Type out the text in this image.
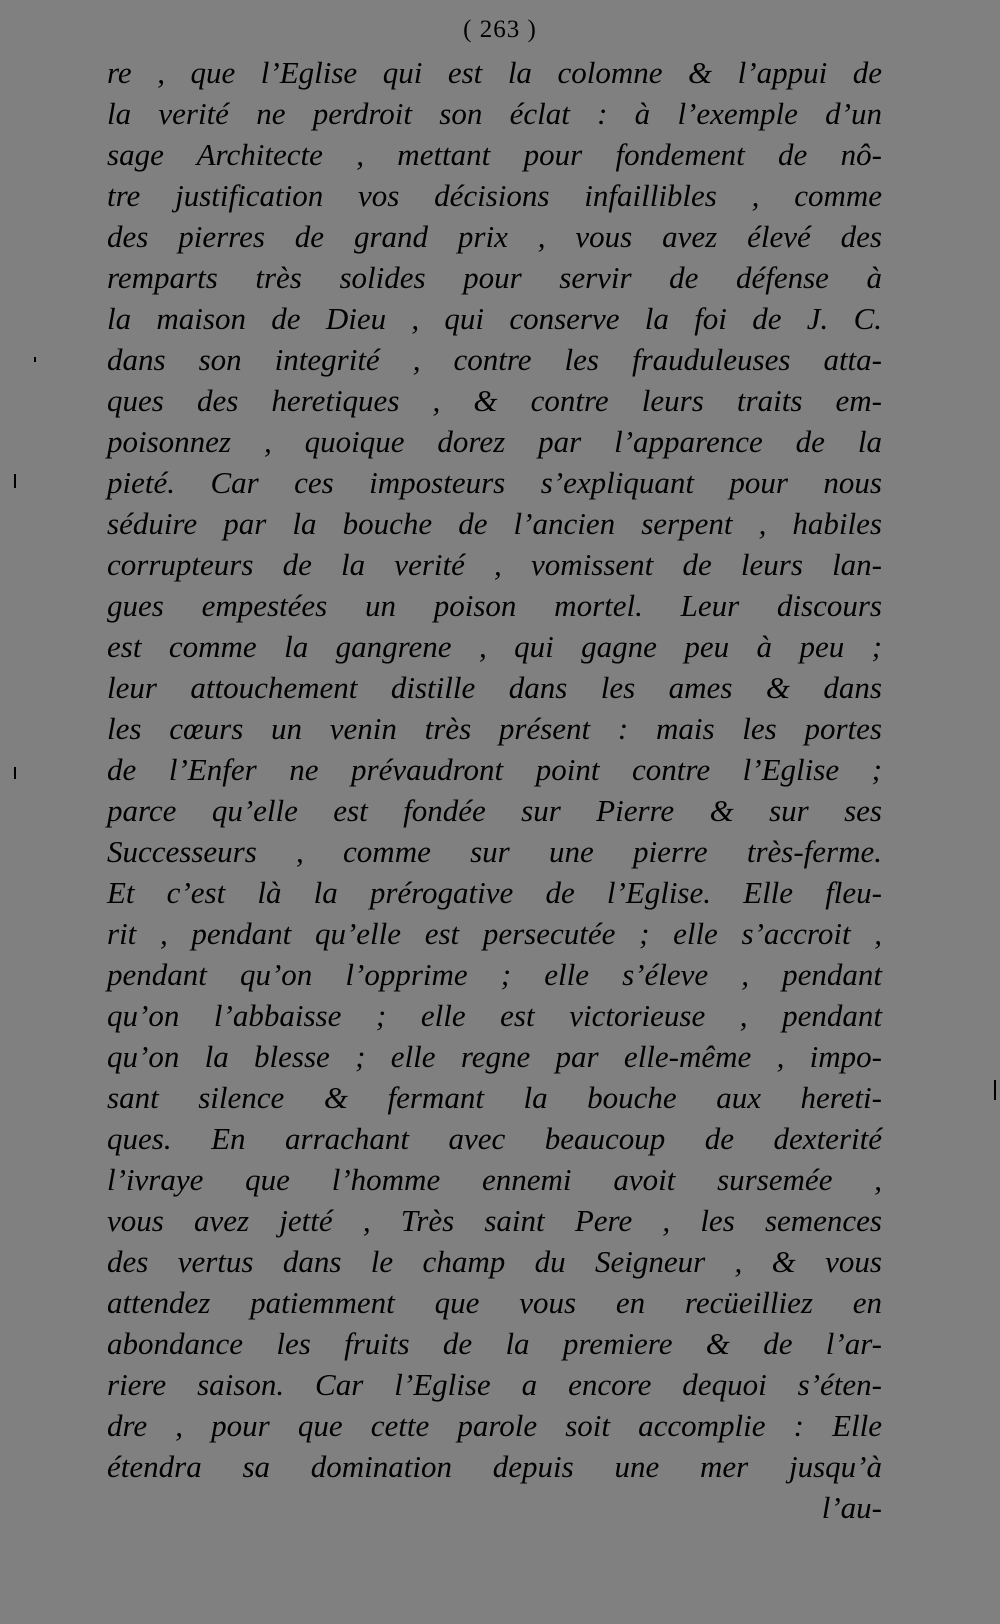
( 263 )
re , que l’Eglise qui est la colomne & l’appui de
la verité ne perdroit son éclat : à l’exemple d’un
sage Architecte , mettant pour fondement de nô-
tre justification vos décisions infaillibles , comme
des pierres de grand prix , vous avez élevé des
remparts très solides pour servir de défense à
la maison de Dieu , qui conserve la foi de J. C.
dans son integrité , contre les frauduleuses atta-
ques des heretiques , & contre leurs traits em-
poisonnez , quoique dorez par l’apparence de la
pieté. Car ces imposteurs s’expliquant pour nous
séduire par la bouche de l’ancien serpent , habiles
corrupteurs de la verité , vomissent de leurs lan-
gues empestées un poison mortel. Leur discours
est comme la gangrene , qui gagne peu à peu ;
leur attouchement distille dans les ames & dans
les cœurs un venin très présent : mais les portes
de l’Enfer ne prévaudront point contre l’Eglise ;
parce qu’elle est fondée sur Pierre & sur ses
Successeurs , comme sur une pierre très-ferme.
Et c’est là la prérogative de l’Eglise. Elle fleu-
rit , pendant qu’elle est persecutée ; elle s’accroit ,
pendant qu’on l’opprime ; elle s’éleve , pendant
qu’on l’abbaisse ; elle est victorieuse , pendant
qu’on la blesse ; elle regne par elle-même , impo-
sant silence & fermant la bouche aux hereti-
ques. En arrachant avec beaucoup de dexterité
l’ivraye que l’homme ennemi avoit sursemée ,
vous avez jetté , Très saint Pere , les semences
des vertus dans le champ du Seigneur , & vous
attendez patiemment que vous en recüeilliez en
abondance les fruits de la premiere & de l’ar-
riere saison. Car l’Eglise a encore dequoi s’éten-
dre , pour que cette parole soit accomplie : Elle
étendra sa domination depuis une mer jusqu’à
l’au-
